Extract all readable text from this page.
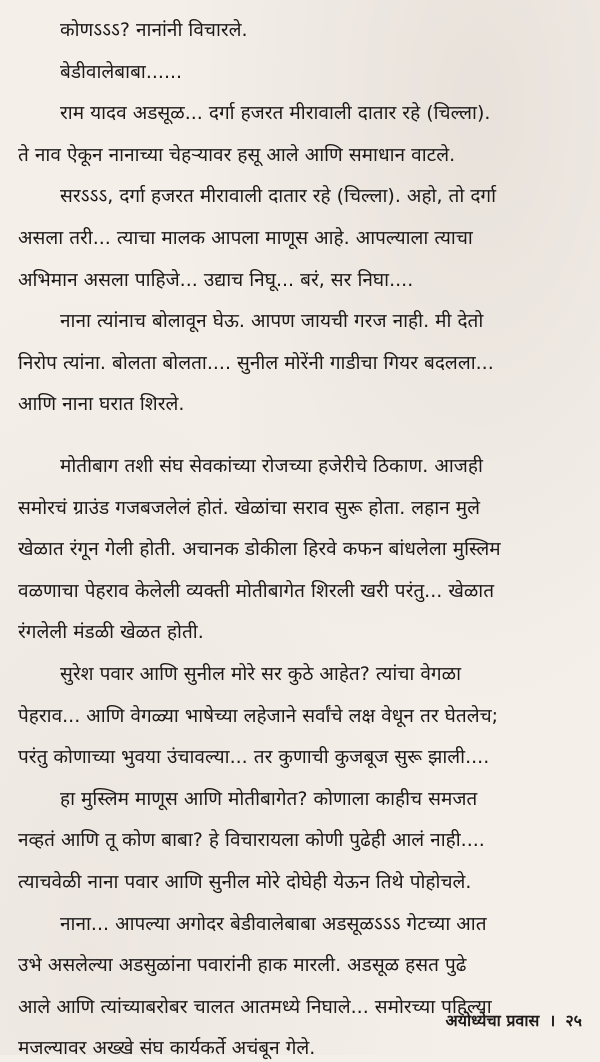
कोणऽऽऽ? नानांनी विचारले.
बेडीवालेबाबा......
राम यादव अडसूळ... दर्गा हजरत मीरावाली दातार रहे (चिल्ला).
ते नाव ऐकून नानाच्या चेहऱ्यावर हसू आले आणि समाधान वाटले.
सरऽऽऽ, दर्गा हजरत मीरावाली दातार रहे (चिल्ला). अहो, तो दर्गा
असला तरी... त्याचा मालक आपला माणूस आहे. आपल्याला त्याचा
अभिमान असला पाहिजे... उद्याच निघू... बरं, सर निघा....
नाना त्यांनाच बोलावून घेऊ. आपण जायची गरज नाही. मी देतो
निरोप त्यांना. बोलता बोलता.... सुनील मोरेंनी गाडीचा गियर बदलला...
आणि नाना घरात शिरले.
मोतीबाग तशी संघ सेवकांच्या रोजच्या हजेरीचे ठिकाण. आजही
समोरचं ग्राउंड गजबजलेलं होतं. खेळांचा सराव सुरू होता. लहान मुले
खेळात रंगून गेली होती. अचानक डोकीला हिरवे कफन बांधलेला मुस्लिम
वळणाचा पेहराव केलेली व्यक्ती मोतीबागेत शिरली खरी परंतु... खेळात
रंगलेली मंडळी खेळत होती.
सुरेश पवार आणि सुनील मोरे सर कुठे आहेत? त्यांचा वेगळा
पेहराव... आणि वेगळ्या भाषेच्या लहेजाने सर्वांचे लक्ष वेधून तर घेतलेच;
परंतु कोणाच्या भुवया उंचावल्या... तर कुणाची कुजबूज सुरू झाली....
हा मुस्लिम माणूस आणि मोतीबागेत? कोणाला काहीच समजत
नव्हतं आणि तू कोण बाबा? हे विचारायला कोणी पुढेही आलं नाही....
त्याचवेळी नाना पवार आणि सुनील मोरे दोघेही येऊन तिथे पोहोचले.
नाना... आपल्या अगोदर बेडीवालेबाबा अडसूळऽऽऽ गेटच्या आत
उभे असलेल्या अडसुळांना पवारांनी हाक मारली. अडसूळ हसत पुढे
आले आणि त्यांच्याबरोबर चालत आतमध्ये निघाले... समोरच्या पहिल्या
मजल्यावर अख्खे संघ कार्यकर्ते अचंबून गेले.
अयोध्येचा प्रवास । २५
